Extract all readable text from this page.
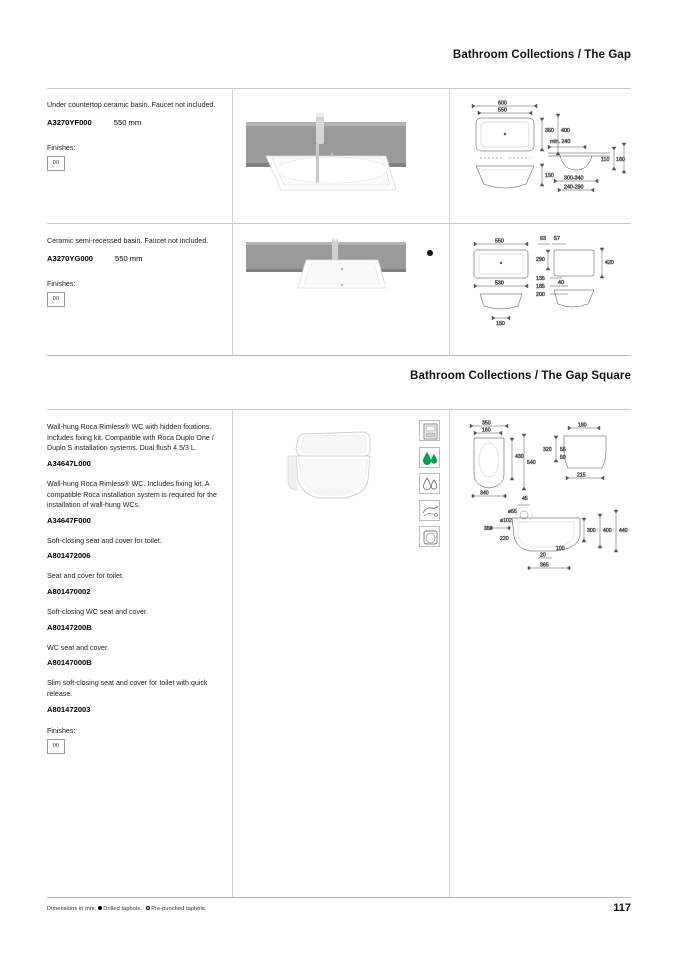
Bathroom Collections / The Gap
Under countertop ceramic basin. Faucet not included.
A3270YF000	550 mm
Finishes:
00
600
550
350 400
150
min. 240
110 160
300-340
240-290
Ceramic semi-recessed basin. Faucet not included.
A3270YG000	550 mm
Finishes:
00
550
530
150
63 57
290	420
135
185
200
40
Bathroom Collections / The Gap Square
Wall-hung Roca Rimless® WC with hidden fixations. Includes fixing kit. Compatible with Roca Duplo One / Duplo S installation systems. Dual flush 4.5/3 L.
A34647L000
Wall-hung Roca Rimless® WC. Includes fixing kit. A compatible Roca installation system is required for the installation of wall-hung WCs.
A34647F000
Soft-closing seat and cover for toilet.
A801472006
Seat and cover for toilet.
A801470002
Soft-closing WC seat and cover.
A80147200B
WC seat and cover.
A80147000B
Slim soft-closing seat and cover for toilet with quick release.
A801472003
Finishes:
00
350
160
430
540
340
180
320 55
50
215
45
ø55
ø102
359
220
300 400 440
100
20
365
Dimensions in mm. Drilled taphole. Pre-punched taphole.	117
